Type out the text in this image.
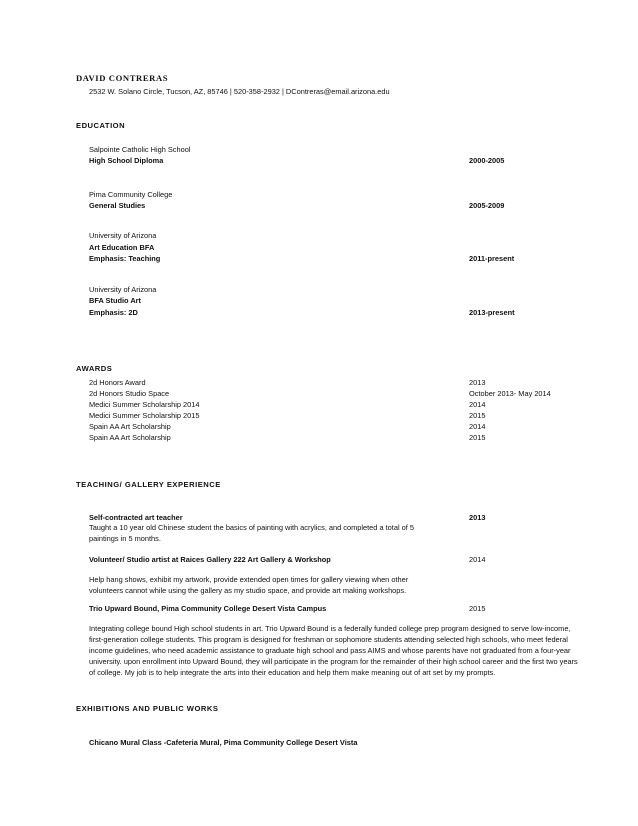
DAVID CONTRERAS
2532 W. Solano Circle, Tucson, AZ, 85746 | 520-358-2932 | DContreras@email.arizona.edu
EDUCATION
Salpointe Catholic High School
High School Diploma	2000-2005
Pima Community College
General Studies	2005-2009
University of Arizona
Art Education BFA
Emphasis: Teaching	2011-present
University of Arizona
BFA Studio Art
Emphasis: 2D	2013-present
AWARDS
2d Honors Award	2013
2d Honors Studio Space	October 2013- May 2014
Medici Summer Scholarship 2014	2014
Medici Summer Scholarship 2015	2015
Spain AA Art Scholarship	2014
Spain AA Art Scholarship	2015
TEACHING/ GALLERY EXPERIENCE
Self-contracted art teacher	2013
Taught a 10 year old Chinese student the basics of painting with acrylics, and completed a total of 5 paintings in 5 months.
Volunteer/ Studio artist at Raices Gallery 222 Art Gallery & Workshop	2014
Help hang shows, exhibit my artwork, provide extended open times for gallery viewing when other volunteers cannot while using the gallery as my studio space, and provide art making workshops.
Trio Upward Bound, Pima Community College Desert Vista Campus	2015
Integrating college bound High school students in art. Trio Upward Bound is a federally funded college prep program designed to serve low-income, first-generation college students. This program is designed for freshman or sophomore students attending selected high schools, who meet federal income guidelines, who need academic assistance to graduate high school and pass AIMS and whose parents have not graduated from a four-year university. upon enrollment into Upward Bound, they will participate in the program for the remainder of their high school career and the first two years of college. My job is to help integrate the arts into their education and help them make meaning out of art set by my prompts.
EXHIBITIONS AND PUBLIC WORKS
Chicano Mural Class -Cafeteria Mural, Pima Community College Desert Vista
